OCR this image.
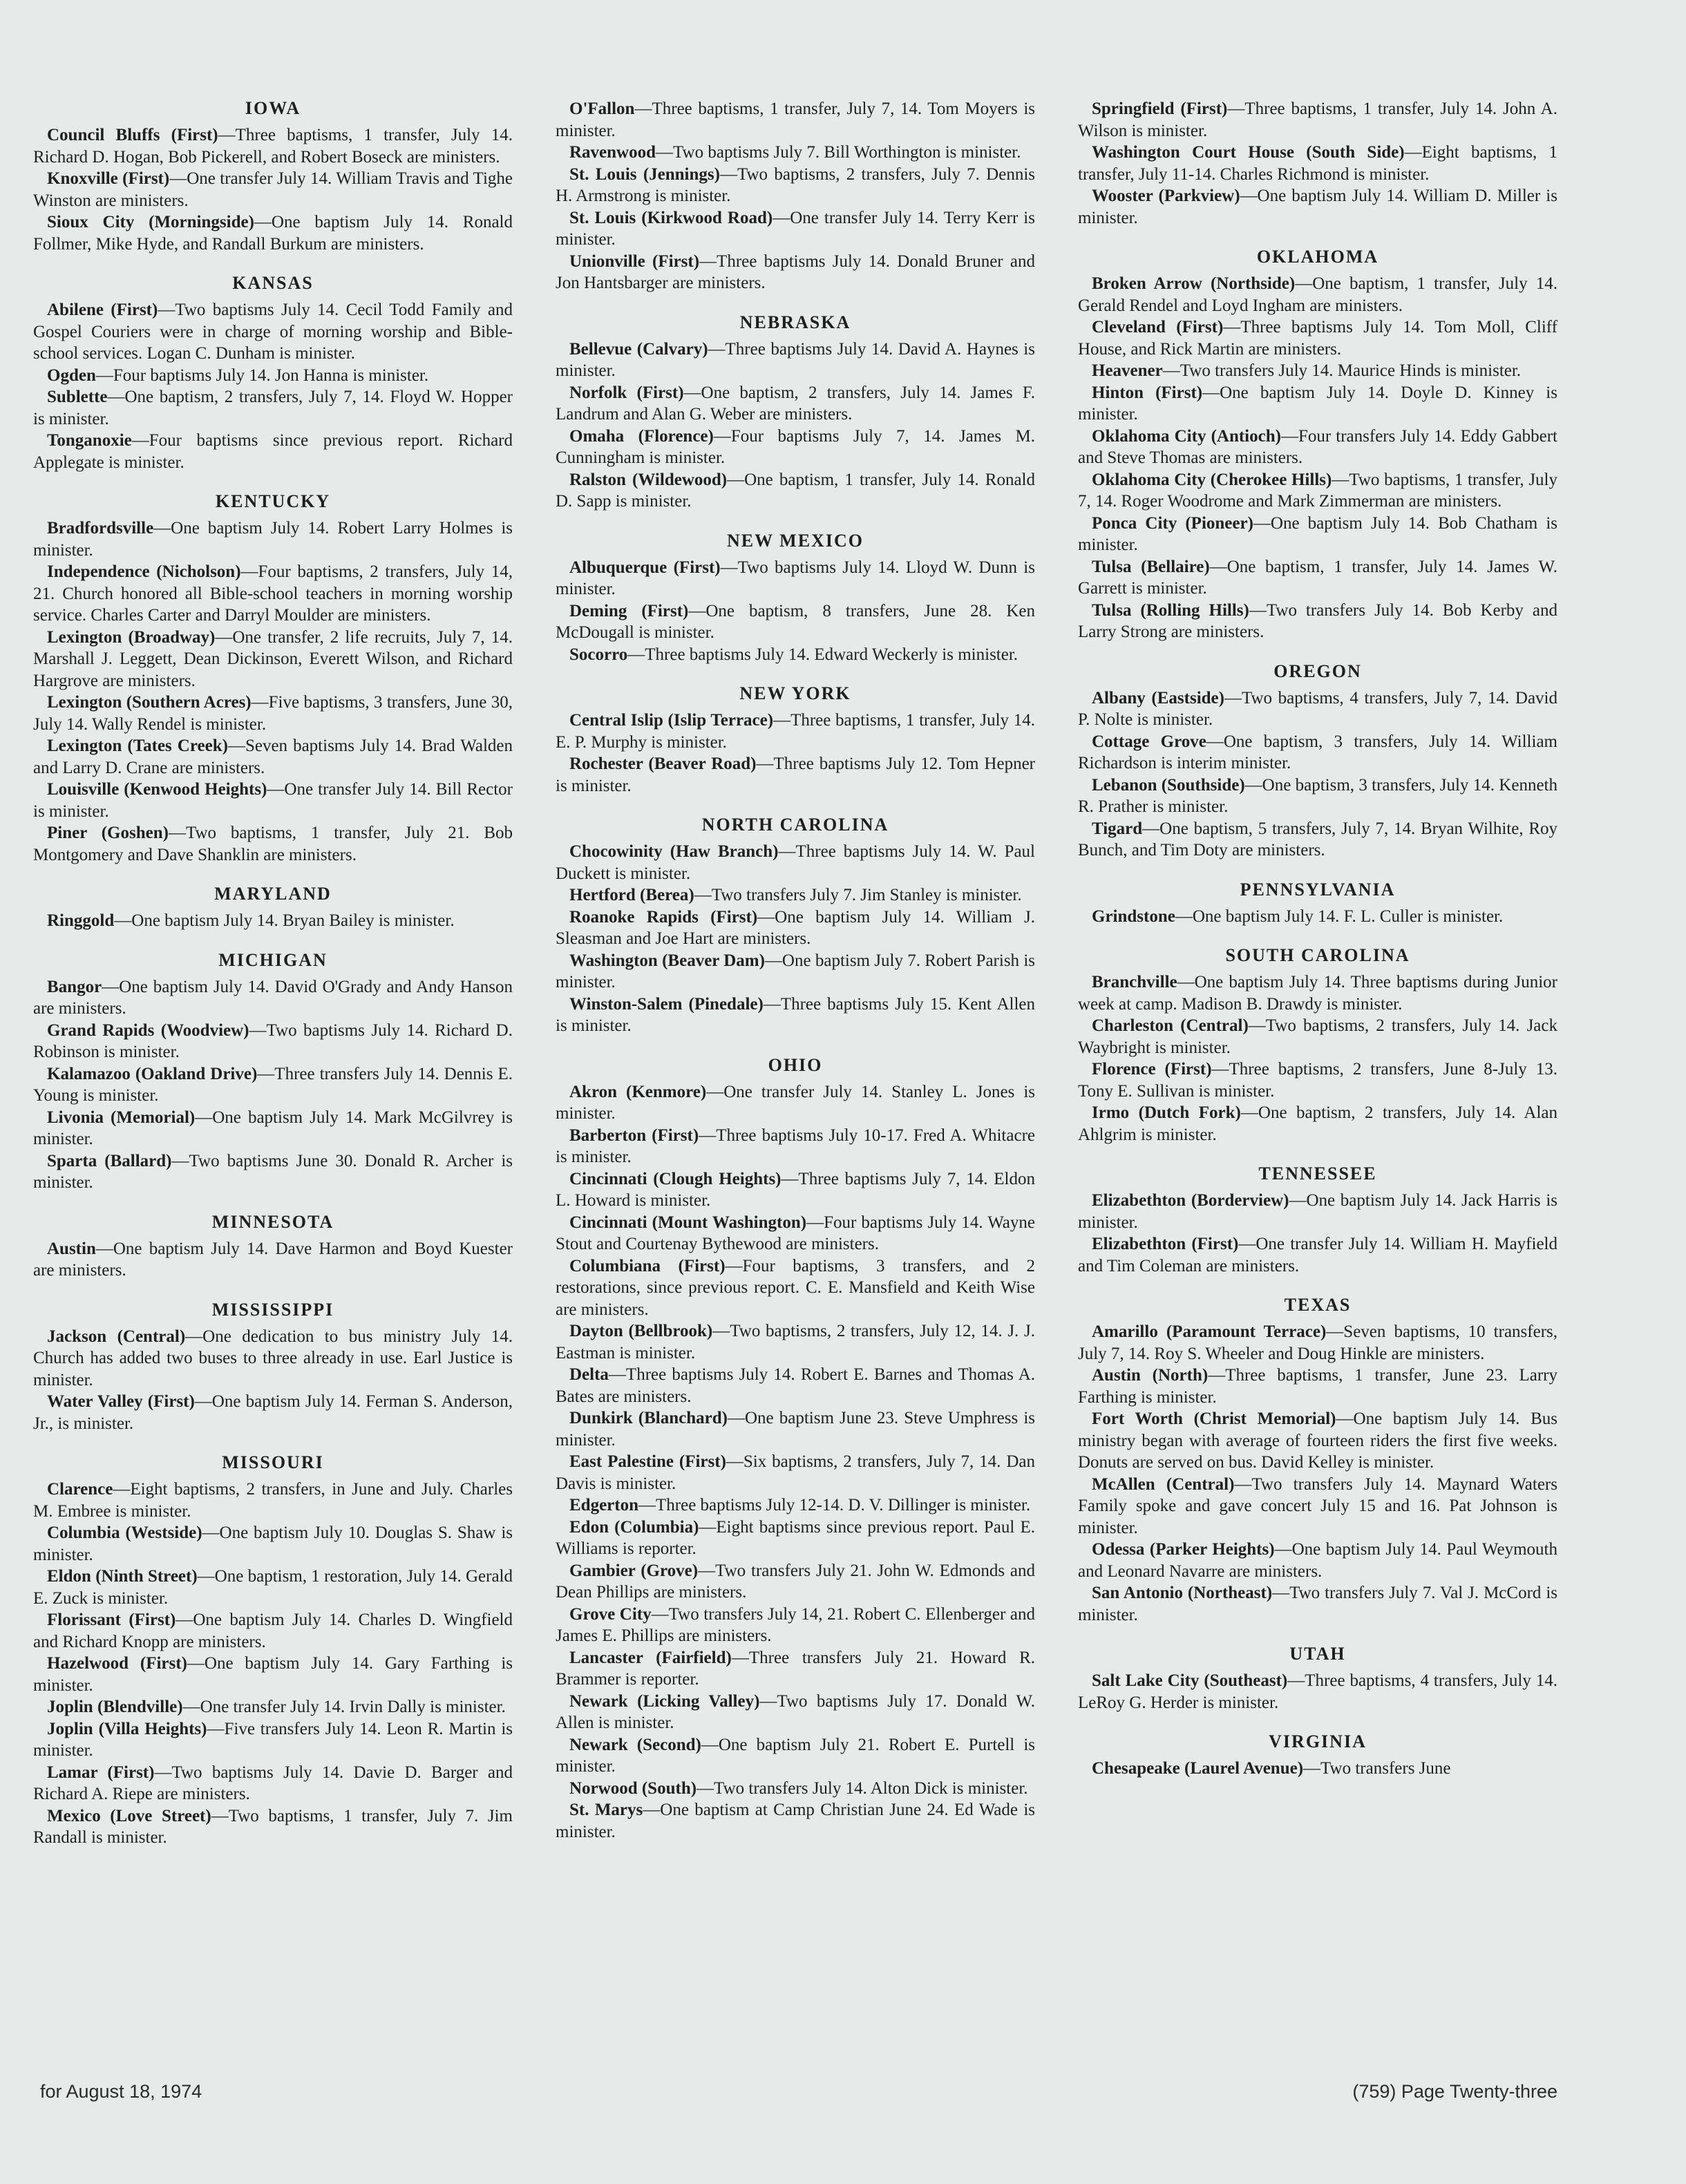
IOWA

Council Bluffs (First)—Three baptisms, 1 transfer, July 14. Richard D. Hogan, Bob Pickerell, and Robert Boseck are ministers.

Knoxville (First)—One transfer July 14. William Travis and Tighe Winston are ministers.

Sioux City (Morningside)—One baptism July 14. Ronald Follmer, Mike Hyde, and Randall Burkum are ministers.

KANSAS

Abilene (First)—Two baptisms July 14. Cecil Todd Family and Gospel Couriers were in charge of morning worship and Bible-school services. Logan C. Dunham is minister.

Ogden—Four baptisms July 14. Jon Hanna is minister.

Sublette—One baptism, 2 transfers, July 7, 14. Floyd W. Hopper is minister.

Tonganoxie—Four baptisms since previous report. Richard Applegate is minister.

KENTUCKY

Bradfordsville—One baptism July 14. Robert Larry Holmes is minister.

Independence (Nicholson)—Four baptisms, 2 transfers, July 14, 21. Church honored all Bible-school teachers in morning worship service. Charles Carter and Darryl Moulder are ministers.

Lexington (Broadway)—One transfer, 2 life recruits, July 7, 14. Marshall J. Leggett, Dean Dickinson, Everett Wilson, and Richard Hargrove are ministers.

Lexington (Southern Acres)—Five baptisms, 3 transfers, June 30, July 14. Wally Rendel is minister.

Lexington (Tates Creek)—Seven baptisms July 14. Brad Walden and Larry D. Crane are ministers.

Louisville (Kenwood Heights)—One transfer July 14. Bill Rector is minister.

Piner (Goshen)—Two baptisms, 1 transfer, July 21. Bob Montgomery and Dave Shanklin are ministers.

MARYLAND

Ringgold—One baptism July 14. Bryan Bailey is minister.

MICHIGAN

Bangor—One baptism July 14. David O'Grady and Andy Hanson are ministers.

Grand Rapids (Woodview)—Two baptisms July 14. Richard D. Robinson is minister.

Kalamazoo (Oakland Drive)—Three transfers July 14. Dennis E. Young is minister.

Livonia (Memorial)—One baptism July 14. Mark McGilvrey is minister.

Sparta (Ballard)—Two baptisms June 30. Donald R. Archer is minister.

MINNESOTA

Austin—One baptism July 14. Dave Harmon and Boyd Kuester are ministers.

MISSISSIPPI

Jackson (Central)—One dedication to bus ministry July 14. Church has added two buses to three already in use. Earl Justice is minister.

Water Valley (First)—One baptism July 14. Ferman S. Anderson, Jr., is minister.

MISSOURI

Clarence—Eight baptisms, 2 transfers, in June and July. Charles M. Embree is minister.

Columbia (Westside)—One baptism July 10. Douglas S. Shaw is minister.

Eldon (Ninth Street)—One baptism, 1 restoration, July 14. Gerald E. Zuck is minister.

Florissant (First)—One baptism July 14. Charles D. Wingfield and Richard Knopp are ministers.

Hazelwood (First)—One baptism July 14. Gary Farthing is minister.

Joplin (Blendville)—One transfer July 14. Irvin Dally is minister.

Joplin (Villa Heights)—Five transfers July 14. Leon R. Martin is minister.

Lamar (First)—Two baptisms July 14. Davie D. Barger and Richard A. Riepe are ministers.

Mexico (Love Street)—Two baptisms, 1 transfer, July 7. Jim Randall is minister.

O'Fallon—Three baptisms, 1 transfer, July 7, 14. Tom Moyers is minister.

Ravenwood—Two baptisms July 7. Bill Worthington is minister.

St. Louis (Jennings)—Two baptisms, 2 transfers, July 7. Dennis H. Armstrong is minister.

St. Louis (Kirkwood Road)—One transfer July 14. Terry Kerr is minister.

Unionville (First)—Three baptisms July 14. Donald Bruner and Jon Hantsbarger are ministers.

NEBRASKA

Bellevue (Calvary)—Three baptisms July 14. David A. Haynes is minister.

Norfolk (First)—One baptism, 2 transfers, July 14. James F. Landrum and Alan G. Weber are ministers.

Omaha (Florence)—Four baptisms July 7, 14. James M. Cunningham is minister.

Ralston (Wildewood)—One baptism, 1 transfer, July 14. Ronald D. Sapp is minister.

NEW MEXICO

Albuquerque (First)—Two baptisms July 14. Lloyd W. Dunn is minister.

Deming (First)—One baptism, 8 transfers, June 28. Ken McDougall is minister.

Socorro—Three baptisms July 14. Edward Weckerly is minister.

NEW YORK

Central Islip (Islip Terrace)—Three baptisms, 1 transfer, July 14. E. P. Murphy is minister.

Rochester (Beaver Road)—Three baptisms July 12. Tom Hepner is minister.

NORTH CAROLINA

Chocowinity (Haw Branch)—Three baptisms July 14. W. Paul Duckett is minister.

Hertford (Berea)—Two transfers July 7. Jim Stanley is minister.

Roanoke Rapids (First)—One baptism July 14. William J. Sleasman and Joe Hart are ministers.

Washington (Beaver Dam)—One baptism July 7. Robert Parish is minister.

Winston-Salem (Pinedale)—Three baptisms July 15. Kent Allen is minister.

OHIO

Akron (Kenmore)—One transfer July 14. Stanley L. Jones is minister.

Barberton (First)—Three baptisms July 10-17. Fred A. Whitacre is minister.

Cincinnati (Clough Heights)—Three baptisms July 7, 14. Eldon L. Howard is minister.

Cincinnati (Mount Washington)—Four baptisms July 14. Wayne Stout and Courtenay Bythewood are ministers.

Columbiana (First)—Four baptisms, 3 transfers, and 2 restorations, since previous report. C. E. Mansfield and Keith Wise are ministers.

Dayton (Bellbrook)—Two baptisms, 2 transfers, July 12, 14. J. J. Eastman is minister.

Delta—Three baptisms July 14. Robert E. Barnes and Thomas A. Bates are ministers.

Dunkirk (Blanchard)—One baptism June 23. Steve Umphress is minister.

East Palestine (First)—Six baptisms, 2 transfers, July 7, 14. Dan Davis is minister.

Edgerton—Three baptisms July 12-14. D. V. Dillinger is minister.

Edon (Columbia)—Eight baptisms since previous report. Paul E. Williams is reporter.

Gambier (Grove)—Two transfers July 21. John W. Edmonds and Dean Phillips are ministers.

Grove City—Two transfers July 14, 21. Robert C. Ellenberger and James E. Phillips are ministers.

Lancaster (Fairfield)—Three transfers July 21. Howard R. Brammer is reporter.

Newark (Licking Valley)—Two baptisms July 17. Donald W. Allen is minister.

Newark (Second)—One baptism July 21. Robert E. Purtell is minister.

Norwood (South)—Two transfers July 14. Alton Dick is minister.

St. Marys—One baptism at Camp Christian June 24. Ed Wade is minister.

Springfield (First)—Three baptisms, 1 transfer, July 14. John A. Wilson is minister.

Washington Court House (South Side)—Eight baptisms, 1 transfer, July 11-14. Charles Richmond is minister.

Wooster (Parkview)—One baptism July 14. William D. Miller is minister.

OKLAHOMA

Broken Arrow (Northside)—One baptism, 1 transfer, July 14. Gerald Rendel and Loyd Ingham are ministers.

Cleveland (First)—Three baptisms July 14. Tom Moll, Cliff House, and Rick Martin are ministers.

Heavener—Two transfers July 14. Maurice Hinds is minister.

Hinton (First)—One baptism July 14. Doyle D. Kinney is minister.

Oklahoma City (Antioch)—Four transfers July 14. Eddy Gabbert and Steve Thomas are ministers.

Oklahoma City (Cherokee Hills)—Two baptisms, 1 transfer, July 7, 14. Roger Woodrome and Mark Zimmerman are ministers.

Ponca City (Pioneer)—One baptism July 14. Bob Chatham is minister.

Tulsa (Bellaire)—One baptism, 1 transfer, July 14. James W. Garrett is minister.

Tulsa (Rolling Hills)—Two transfers July 14. Bob Kerby and Larry Strong are ministers.

OREGON

Albany (Eastside)—Two baptisms, 4 transfers, July 7, 14. David P. Nolte is minister.

Cottage Grove—One baptism, 3 transfers, July 14. William Richardson is interim minister.

Lebanon (Southside)—One baptism, 3 transfers, July 14. Kenneth R. Prather is minister.

Tigard—One baptism, 5 transfers, July 7, 14. Bryan Wilhite, Roy Bunch, and Tim Doty are ministers.

PENNSYLVANIA

Grindstone—One baptism July 14. F. L. Culler is minister.

SOUTH CAROLINA

Branchville—One baptism July 14. Three baptisms during Junior week at camp. Madison B. Drawdy is minister.

Charleston (Central)—Two baptisms, 2 transfers, July 14. Jack Waybright is minister.

Florence (First)—Three baptisms, 2 transfers, June 8-July 13. Tony E. Sullivan is minister.

Irmo (Dutch Fork)—One baptism, 2 transfers, July 14. Alan Ahlgrim is minister.

TENNESSEE

Elizabethton (Borderview)—One baptism July 14. Jack Harris is minister.

Elizabethton (First)—One transfer July 14. William H. Mayfield and Tim Coleman are ministers.

TEXAS

Amarillo (Paramount Terrace)—Seven baptisms, 10 transfers, July 7, 14. Roy S. Wheeler and Doug Hinkle are ministers.

Austin (North)—Three baptisms, 1 transfer, June 23. Larry Farthing is minister.

Fort Worth (Christ Memorial)—One baptism July 14. Bus ministry began with average of fourteen riders the first five weeks. Donuts are served on bus. David Kelley is minister.

McAllen (Central)—Two transfers July 14. Maynard Waters Family spoke and gave concert July 15 and 16. Pat Johnson is minister.

Odessa (Parker Heights)—One baptism July 14. Paul Weymouth and Leonard Navarre are ministers.

San Antonio (Northeast)—Two transfers July 7. Val J. McCord is minister.

UTAH

Salt Lake City (Southeast)—Three baptisms, 4 transfers, July 14. LeRoy G. Herder is minister.

VIRGINIA

Chesapeake (Laurel Avenue)—Two transfers June

for August 18, 1974	(759) Page Twenty-three
